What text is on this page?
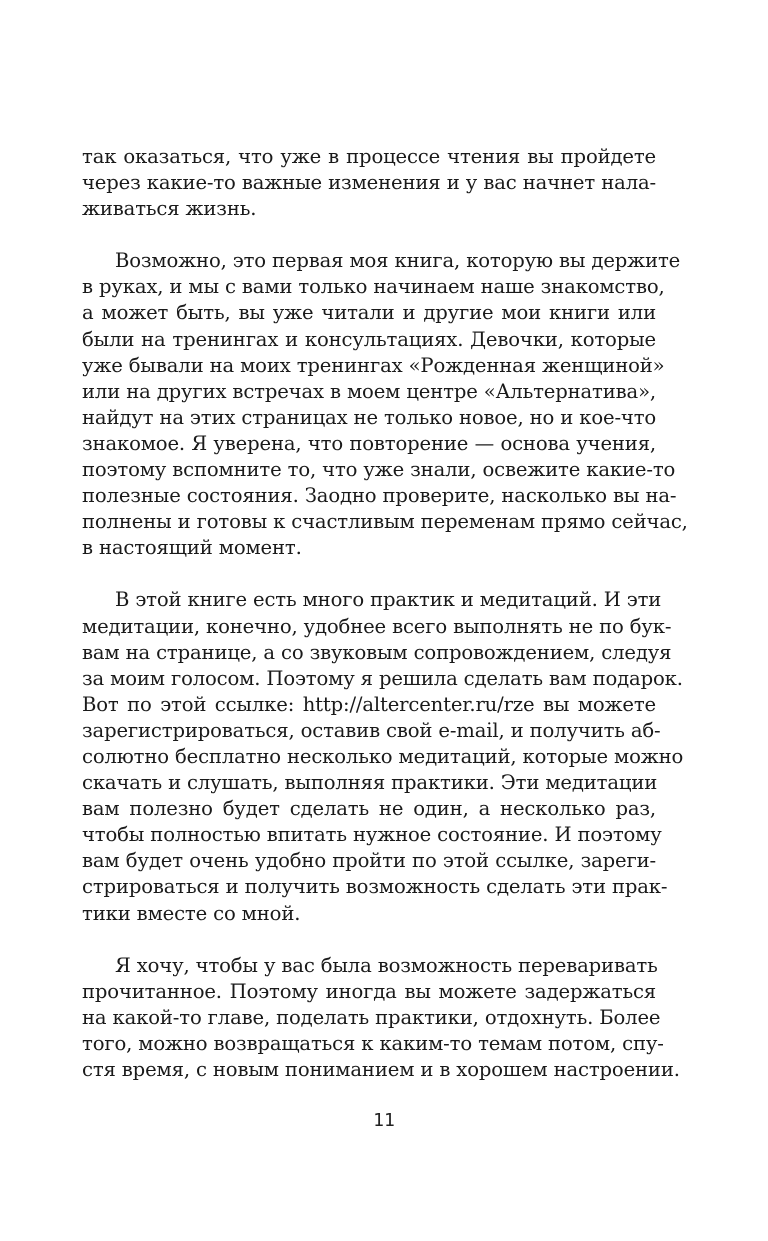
так оказаться, что уже в процессе чтения вы пройдете
через какие-то важные изменения и у вас начнет нала-
живаться жизнь.

Возможно, это первая моя книга, которую вы держите
в руках, и мы с вами только начинаем наше знакомство,
а может быть, вы уже читали и другие мои книги или
были на тренингах и консультациях. Девочки, которые
уже бывали на моих тренингах «Рожденная женщиной»
или на других встречах в моем центре «Альтернатива»,
найдут на этих страницах не только новое, но и кое-что
знакомое. Я уверена, что повторение — основа учения,
поэтому вспомните то, что уже знали, освежите какие-то
полезные состояния. Заодно проверите, насколько вы на-
полнены и готовы к счастливым переменам прямо сейчас,
в настоящий момент.

В этой книге есть много практик и медитаций. И эти
медитации, конечно, удобнее всего выполнять не по бук-
вам на странице, а со звуковым сопровождением, следуя
за моим голосом. Поэтому я решила сделать вам подарок.
Вот по этой ссылке: http://altercenter.ru/rze вы можете
зарегистрироваться, оставив свой e-mail, и получить аб-
солютно бесплатно несколько медитаций, которые можно
скачать и слушать, выполняя практики. Эти медитации
вам полезно будет сделать не один, а несколько раз,
чтобы полностью впитать нужное состояние. И поэтому
вам будет очень удобно пройти по этой ссылке, зареги-
стрироваться и получить возможность сделать эти прак-
тики вместе со мной.

Я хочу, чтобы у вас была возможность переваривать
прочитанное. Поэтому иногда вы можете задержаться
на какой-то главе, поделать практики, отдохнуть. Более
того, можно возвращаться к каким-то темам потом, спу-
стя время, с новым пониманием и в хорошем настроении.

11
